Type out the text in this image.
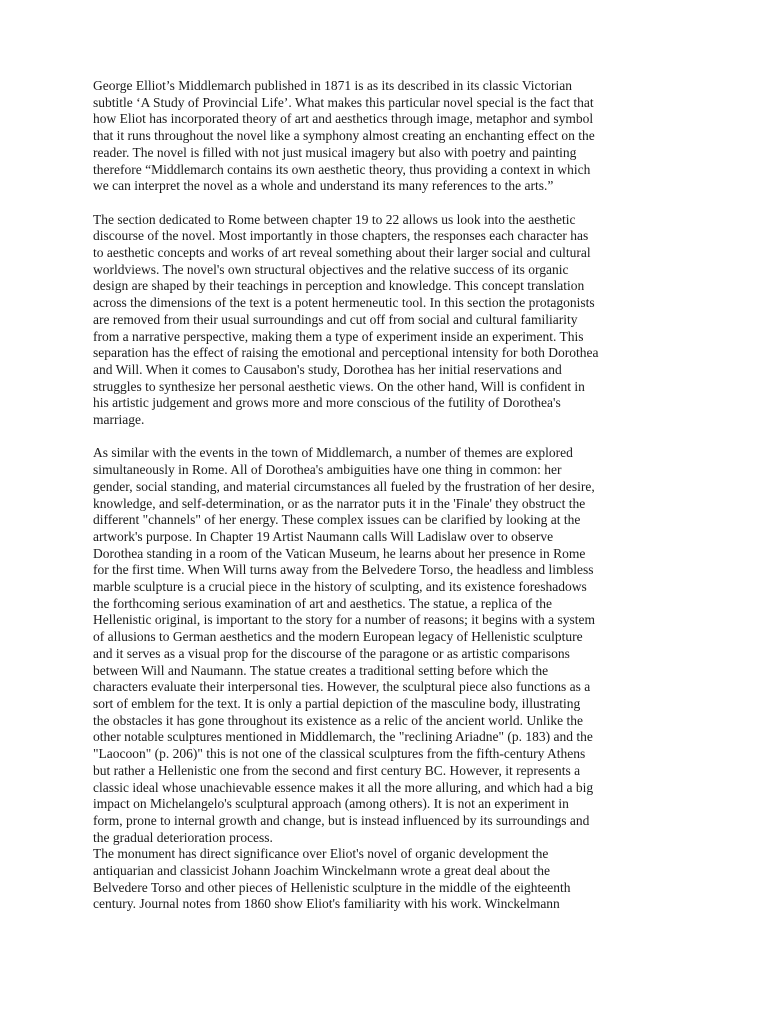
George Elliot’s Middlemarch published in 1871 is as its described in its classic Victorian
subtitle ‘A Study of Provincial Life’. What makes this particular novel special is the fact that
how Eliot has incorporated theory of art and aesthetics through image, metaphor and symbol
that it runs throughout the novel like a symphony almost creating an enchanting effect on the
reader. The novel is filled with not just musical imagery but also with poetry and painting
therefore “Middlemarch contains its own aesthetic theory, thus providing a context in which
we can interpret the novel as a whole and understand its many references to the arts.”

The section dedicated to Rome between chapter 19 to 22 allows us look into the aesthetic
discourse of the novel. Most importantly in those chapters, the responses each character has
to aesthetic concepts and works of art reveal something about their larger social and cultural
worldviews. The novel's own structural objectives and the relative success of its organic
design are shaped by their teachings in perception and knowledge. This concept translation
across the dimensions of the text is a potent hermeneutic tool. In this section the protagonists
are removed from their usual surroundings and cut off from social and cultural familiarity
from a narrative perspective, making them a type of experiment inside an experiment. This
separation has the effect of raising the emotional and perceptional intensity for both Dorothea
and Will. When it comes to Causabon's study, Dorothea has her initial reservations and
struggles to synthesize her personal aesthetic views. On the other hand, Will is confident in
his artistic judgement and grows more and more conscious of the futility of Dorothea's
marriage.

As similar with the events in the town of Middlemarch, a number of themes are explored
simultaneously in Rome. All of Dorothea's ambiguities have one thing in common: her
gender, social standing, and material circumstances all fueled by the frustration of her desire,
knowledge, and self-determination, or as the narrator puts it in the 'Finale' they obstruct the
different "channels" of her energy. These complex issues can be clarified by looking at the
artwork's purpose. In Chapter 19 Artist Naumann calls Will Ladislaw over to observe
Dorothea standing in a room of the Vatican Museum, he learns about her presence in Rome
for the first time. When Will turns away from the Belvedere Torso, the headless and limbless
marble sculpture is a crucial piece in the history of sculpting, and its existence foreshadows
the forthcoming serious examination of art and aesthetics. The statue, a replica of the
Hellenistic original, is important to the story for a number of reasons; it begins with a system
of allusions to German aesthetics and the modern European legacy of Hellenistic sculpture
and it serves as a visual prop for the discourse of the paragone or as artistic comparisons
between Will and Naumann. The statue creates a traditional setting before which the
characters evaluate their interpersonal ties. However, the sculptural piece also functions as a
sort of emblem for the text. It is only a partial depiction of the masculine body, illustrating
the obstacles it has gone throughout its existence as a relic of the ancient world. Unlike the
other notable sculptures mentioned in Middlemarch, the "reclining Ariadne" (p. 183) and the
"Laocoon" (p. 206)" this is not one of the classical sculptures from the fifth-century Athens
but rather a Hellenistic one from the second and first century BC. However, it represents a
classic ideal whose unachievable essence makes it all the more alluring, and which had a big
impact on Michelangelo's sculptural approach (among others). It is not an experiment in
form, prone to internal growth and change, but is instead influenced by its surroundings and
the gradual deterioration process.

The monument has direct significance over Eliot's novel of organic development the
antiquarian and classicist Johann Joachim Winckelmann wrote a great deal about the
Belvedere Torso and other pieces of Hellenistic sculpture in the middle of the eighteenth
century. Journal notes from 1860 show Eliot's familiarity with his work. Winckelmann
